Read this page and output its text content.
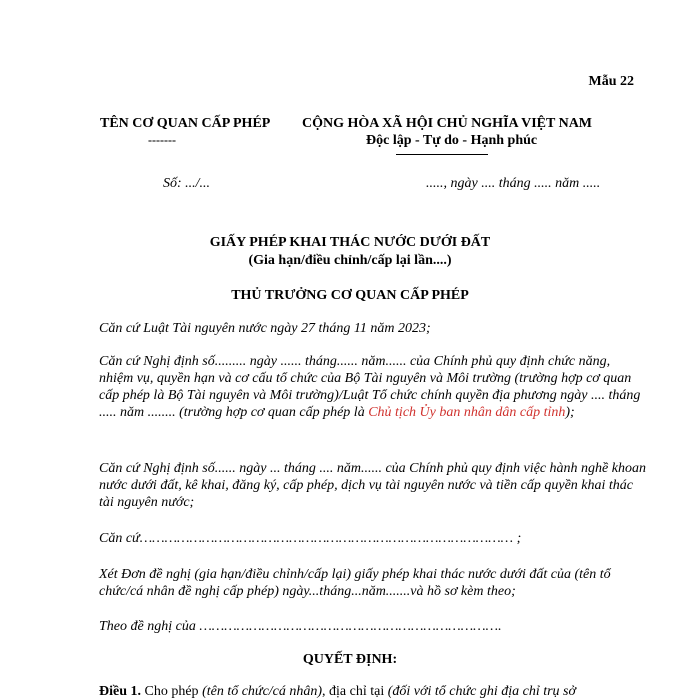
Mẫu 22
TÊN CƠ QUAN CẤP PHÉP
-------
CỘNG HÒA XÃ HỘI CHỦ NGHĨA VIỆT NAM
Độc lập - Tự do - Hạnh phúc
Số: .../...	....., ngày .... tháng ..... năm .....
GIẤY PHÉP KHAI THÁC NƯỚC DƯỚI ĐẤT
(Gia hạn/điều chỉnh/cấp lại lần....)
THỦ TRƯỞNG CƠ QUAN CẤP PHÉP
Căn cứ Luật Tài nguyên nước ngày 27 tháng 11 năm 2023;
Căn cứ Nghị định số......... ngày ...... tháng...... năm...... của Chính phủ quy định chức năng, nhiệm vụ, quyền hạn và cơ cấu tổ chức của Bộ Tài nguyên và Môi trường (trường hợp cơ quan cấp phép là Bộ Tài nguyên và Môi trường)/Luật Tổ chức chính quyền địa phương ngày .... tháng ..... năm ........ (trường hợp cơ quan cấp phép là Chủ tịch Ủy ban nhân dân cấp tỉnh);
Căn cứ Nghị định số...... ngày ... tháng .... năm...... của Chính phủ quy định việc hành nghề khoan nước dưới đất, kê khai, đăng ký, cấp phép, dịch vụ tài nguyên nước và tiền cấp quyền khai thác tài nguyên nước;
Căn cứ……………………………………………………………………………… ;
Xét Đơn đề nghị (gia hạn/điều chỉnh/cấp lại) giấy phép khai thác nước dưới đất của (tên tổ chức/cá nhân đề nghị cấp phép) ngày...tháng...năm.......và hồ sơ kèm theo;
Theo đề nghị của ……………………………………………………………….
QUYẾT ĐỊNH:
Điều 1. Cho phép (tên tổ chức/cá nhân), địa chỉ tại (đối với tổ chức ghi địa chỉ trụ sở
